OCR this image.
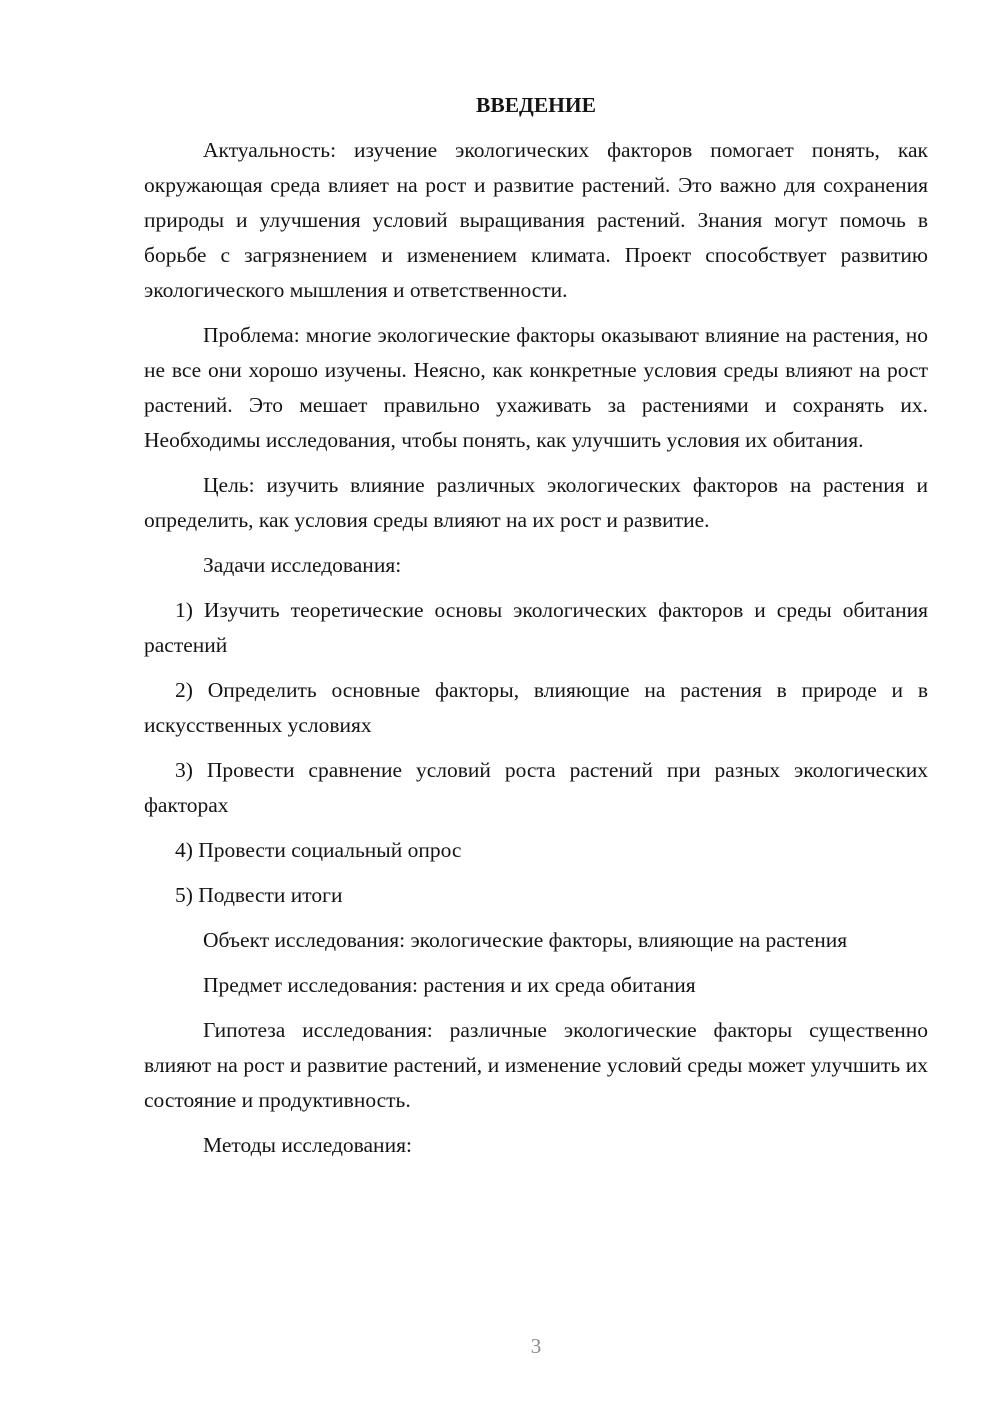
ВВЕДЕНИЕ

Актуальность: изучение экологических факторов помогает понять, как окружающая среда влияет на рост и развитие растений. Это важно для сохранения природы и улучшения условий выращивания растений. Знания могут помочь в борьбе с загрязнением и изменением климата. Проект способствует развитию экологического мышления и ответственности.

Проблема: многие экологические факторы оказывают влияние на растения, но не все они хорошо изучены. Неясно, как конкретные условия среды влияют на рост растений. Это мешает правильно ухаживать за растениями и сохранять их. Необходимы исследования, чтобы понять, как улучшить условия их обитания.

Цель: изучить влияние различных экологических факторов на растения и определить, как условия среды влияют на их рост и развитие.

Задачи исследования:

1) Изучить теоретические основы экологических факторов и среды обитания растений

2) Определить основные факторы, влияющие на растения в природе и в искусственных условиях

3) Провести сравнение условий роста растений при разных экологических факторах

4) Провести социальный опрос

5) Подвести итоги

Объект исследования: экологические факторы, влияющие на растения

Предмет исследования: растения и их среда обитания

Гипотеза исследования: различные экологические факторы существенно влияют на рост и развитие растений, и изменение условий среды может улучшить их состояние и продуктивность.

Методы исследования:

3
